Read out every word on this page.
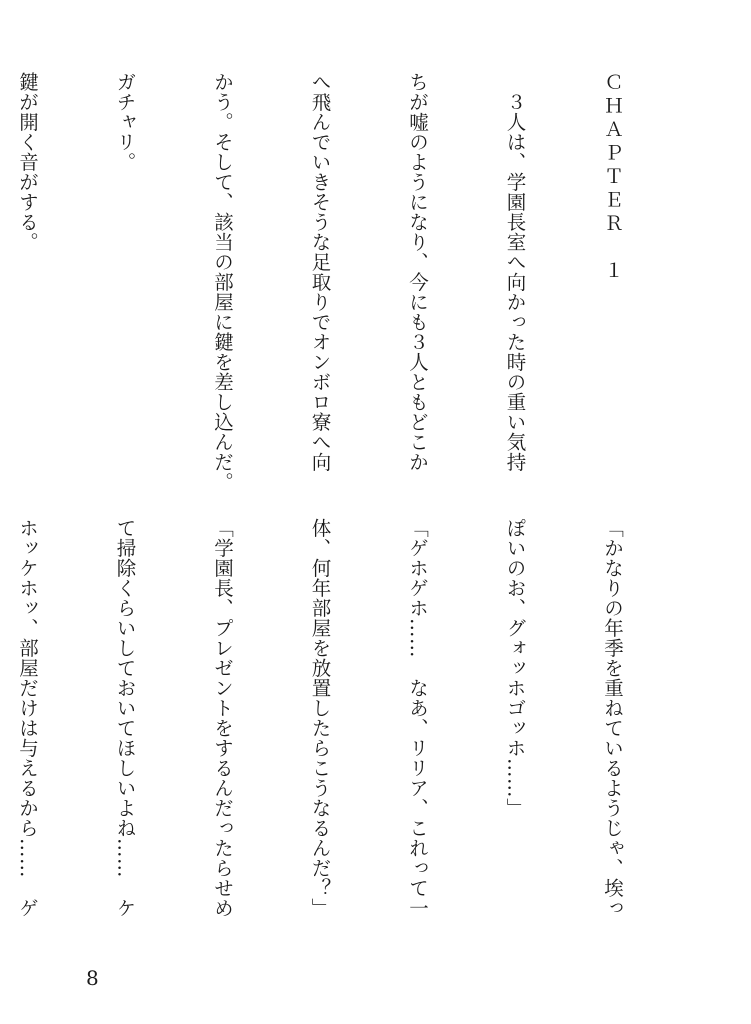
ＣＨＡＰＴＥＲ　１

　３人は、学園長室へ向かった時の重い気持

ちが嘘のようになり、今にも３人ともどこか

へ飛んでいきそうな足取りでオンボロ寮へ向

かう。そして、該当の部屋に鍵を差し込んだ。

ガチャリ。

鍵が開く音がする。

「かなりの年季を重ねているようじゃ、埃っ

ぽいのお、グォッホゴッホ……」

「ゲホゲホ……　なあ、リリア、これって一

体、何年部屋を放置したらこうなるんだ？」

「学園長、プレゼントをするんだったらせめ

て掃除くらいしておいてほしいよね……　ケ

ホッケホッ、部屋だけは与えるから……　ゲ

8
